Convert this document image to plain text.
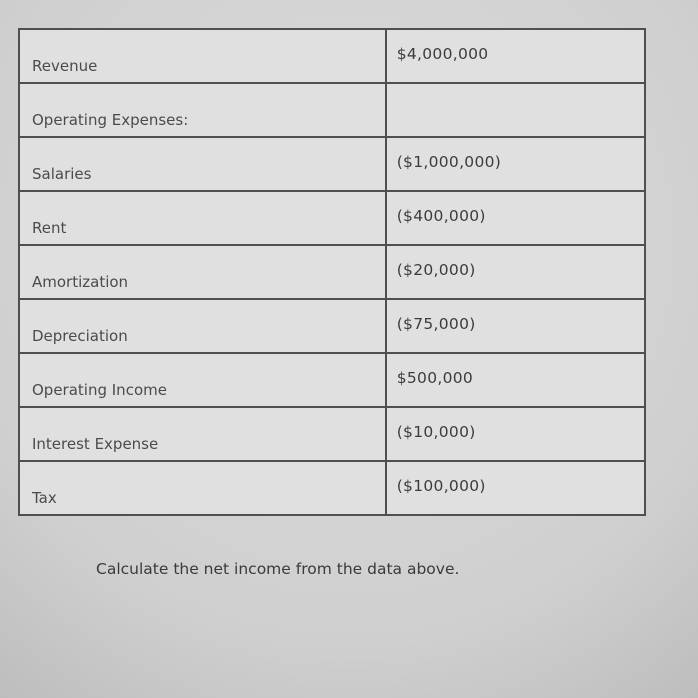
Revenue	$4,000,000
Operating Expenses:	
Salaries	($1,000,000)
Rent	($400,000)
Amortization	($20,000)
Depreciation	($75,000)
Operating Income	$500,000
Interest Expense	($10,000)
Tax	($100,000)
Calculate the net income from the data above.
